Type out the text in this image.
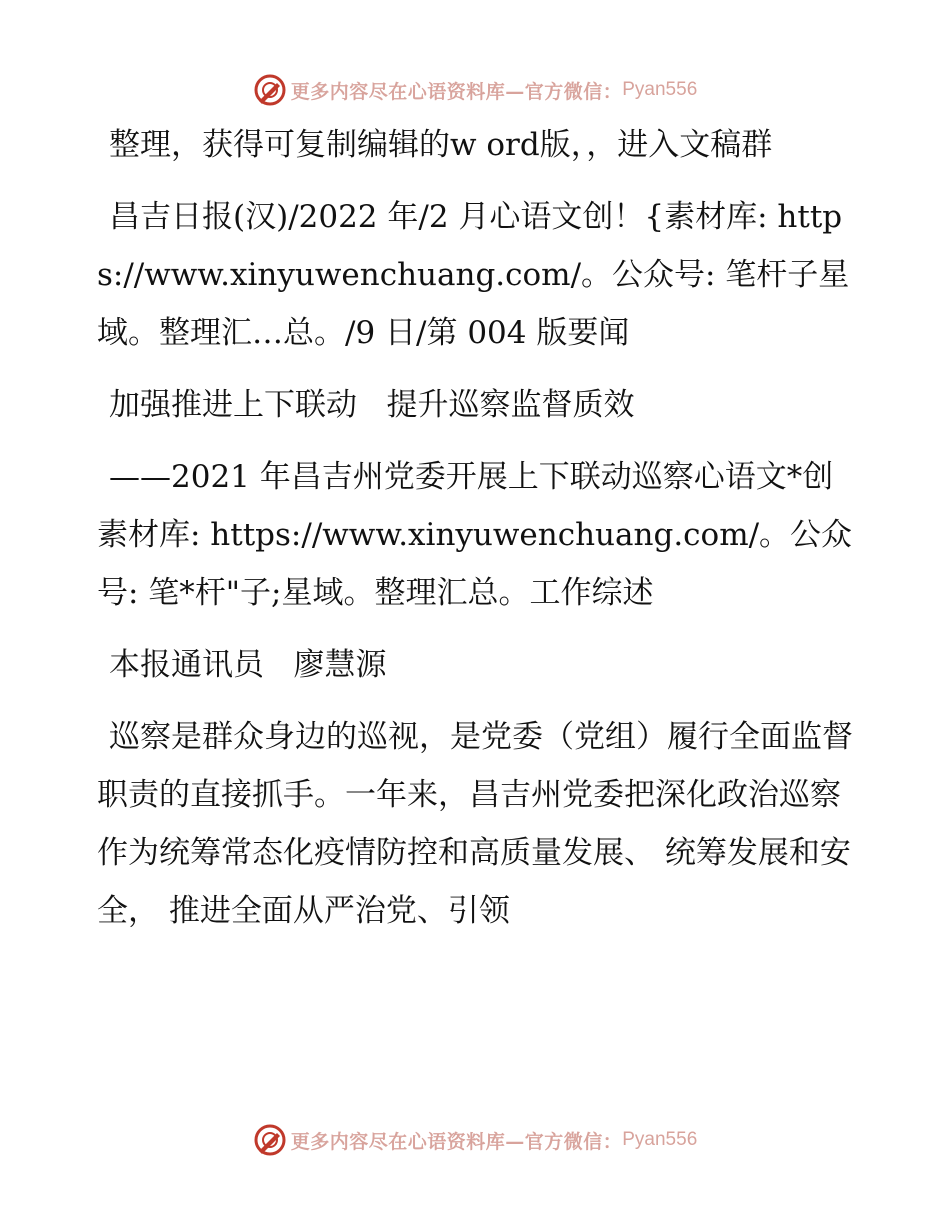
更多内容尽在心语资料库—官方微信： Pyan556

整理，获得可复制编辑的w ord版，，进入文稿群

昌吉日报(汉)/2022 年/2 月心语文创！{素材库: https://www.xinyuwenchuang.com/。公众号: 笔杆子星域。整理汇…总。/9 日/第 004 版要闻

加强推进上下联动   提升巡察监督质效

——2021 年昌吉州党委开展上下联动巡察心语文*创素材库: https://www.xinyuwenchuang.com/。公众号: 笔*杆"子;星域。整理汇总。工作综述

本报通讯员   廖慧源

巡察是群众身边的巡视，是党委（党组）履行全面监督职责的直接抓手。一年来，昌吉州党委把深化政治巡察作为统筹常态化疫情防控和高质量发展、 统筹发展和安全， 推进全面从严治党、引领

更多内容尽在心语资料库—官方微信： Pyan556
